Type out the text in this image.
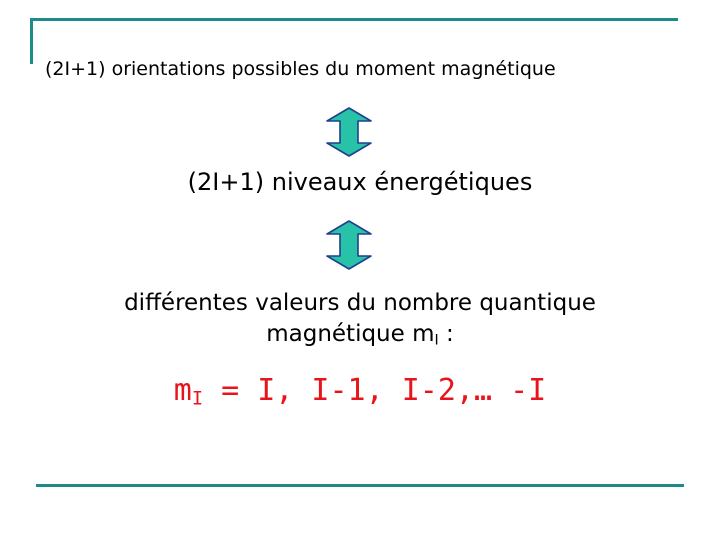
(2I+1) orientations possibles du moment magnétique
(2I+1) niveaux énergétiques
différentes valeurs du nombre quantique
magnétique $m_I$ :
$m_I = I$, I-1, I-2,… -I
